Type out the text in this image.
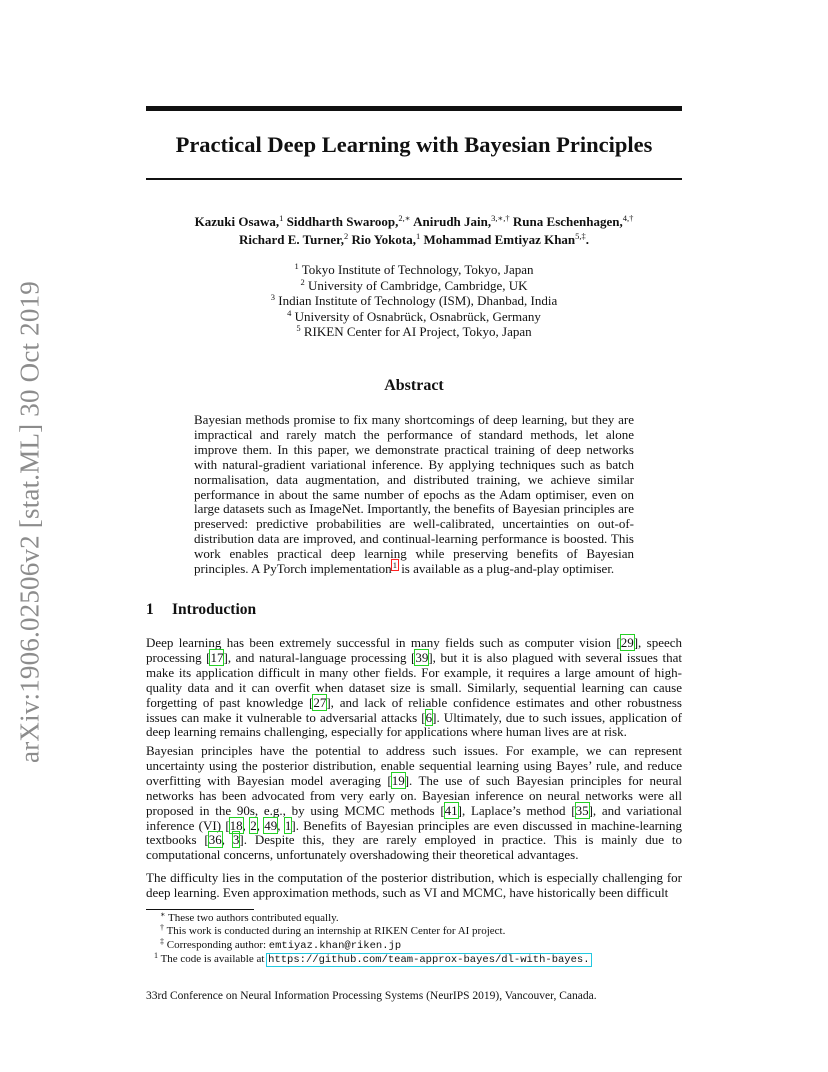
arXiv:1906.02506v2 [stat.ML] 30 Oct 2019
Practical Deep Learning with Bayesian Principles
Kazuki Osawa,$^1$ Siddharth Swaroop,$^{2,∗}$ Anirudh Jain,$^{3,∗,\dagger}$ Runa Eschenhagen,$^{4,\dagger}$
Richard E. Turner,$^2$ Rio Yokota,$^1$ Mohammad Emtiyaz Khan$^{5,\ddagger}$.
$^1$ Tokyo Institute of Technology, Tokyo, Japan
$^2$ University of Cambridge, Cambridge, UK
$^3$ Indian Institute of Technology (ISM), Dhanbad, India
$^4$ University of Osnabrück, Osnabrück, Germany
$^5$ RIKEN Center for AI Project, Tokyo, Japan
Abstract
Bayesian methods promise to fix many shortcomings of deep learning, but they are impractical and rarely match the performance of standard methods, let alone improve them. In this paper, we demonstrate practical training of deep networks with natural-gradient variational inference. By applying techniques such as batch normalisation, data augmentation, and distributed training, we achieve similar performance in about the same number of epochs as the Adam optimiser, even on large datasets such as ImageNet. Importantly, the benefits of Bayesian principles are preserved: predictive probabilities are well-calibrated, uncertainties on out-of-distribution data are improved, and continual-learning performance is boosted. This work enables practical deep learning while preserving benefits of Bayesian principles. A PyTorch implementation$^1$ is available as a plug-and-play optimiser.
1 Introduction
Deep learning has been extremely successful in many fields such as computer vision [29], speech processing [17], and natural-language processing [39], but it is also plagued with several issues that make its application difficult in many other fields. For example, it requires a large amount of high-quality data and it can overfit when dataset size is small. Similarly, sequential learning can cause forgetting of past knowledge [27], and lack of reliable confidence estimates and other robustness issues can make it vulnerable to adversarial attacks [6]. Ultimately, due to such issues, application of deep learning remains challenging, especially for applications where human lives are at risk.
Bayesian principles have the potential to address such issues. For example, we can represent uncertainty using the posterior distribution, enable sequential learning using Bayes’ rule, and reduce overfitting with Bayesian model averaging [19]. The use of such Bayesian principles for neural networks has been advocated from very early on. Bayesian inference on neural networks were all proposed in the 90s, e.g., by using MCMC methods [41], Laplace’s method [35], and variational inference (VI) [18, 2, 49, 1]. Benefits of Bayesian principles are even discussed in machine-learning textbooks [36, 3]. Despite this, they are rarely employed in practice. This is mainly due to computational concerns, unfortunately overshadowing their theoretical advantages.
The difficulty lies in the computation of the posterior distribution, which is especially challenging for deep learning. Even approximation methods, such as VI and MCMC, have historically been difficult
∗ These two authors contributed equally.
† This work is conducted during an internship at RIKEN Center for AI project.
‡ Corresponding author: emtiyaz.khan@riken.jp
$^1$ The code is available at https://github.com/team-approx-bayes/dl-with-bayes.
33rd Conference on Neural Information Processing Systems (NeurIPS 2019), Vancouver, Canada.
